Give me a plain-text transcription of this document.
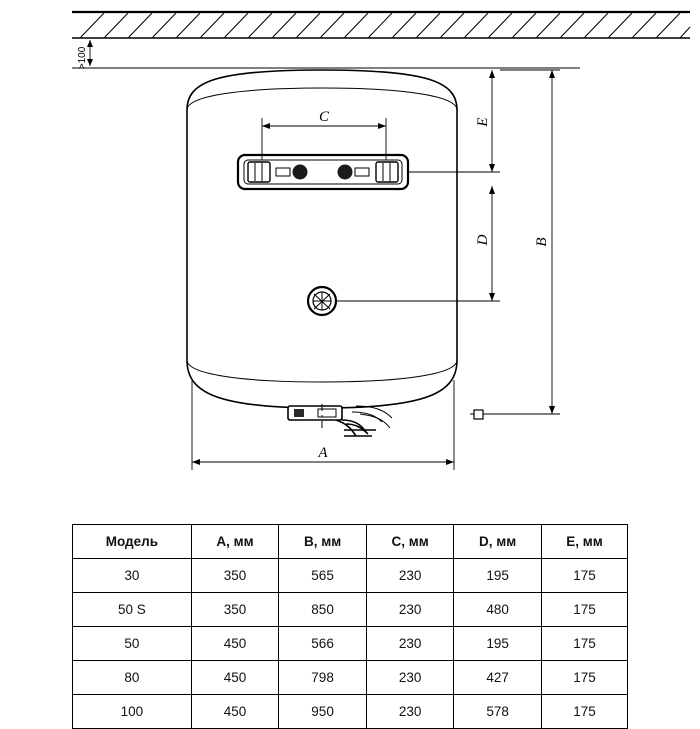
>100
C	E
D	B
A
Модель	A, мм	B, мм	C, мм	D, мм	E, мм
30	350	565	230	195	175
50 S	350	850	230	480	175
50	450	566	230	195	175
80	450	798	230	427	175
100	450	950	230	578	175
